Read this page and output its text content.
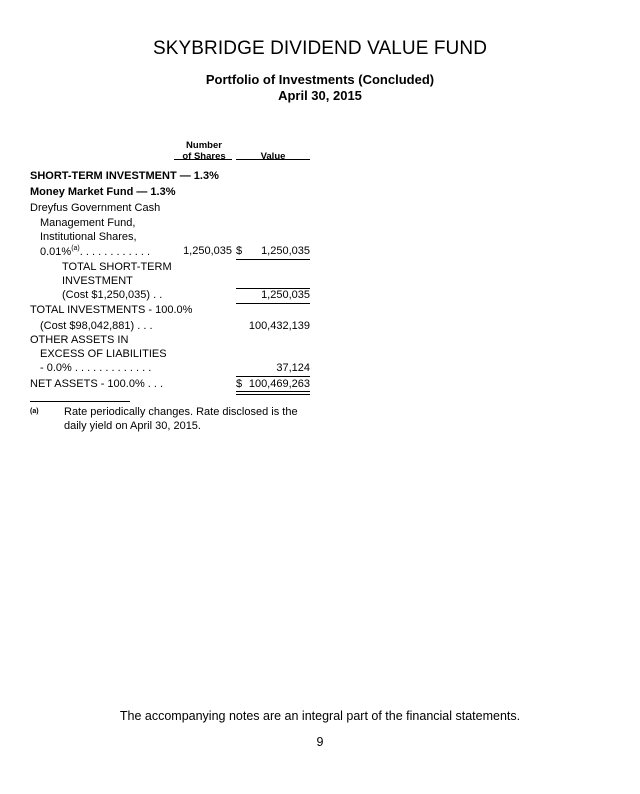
SKYBRIDGE DIVIDEND VALUE FUND
Portfolio of Investments (Concluded)
April 30, 2015
Number
of Shares	Value
SHORT-TERM INVESTMENT — 1.3%
Money Market Fund — 1.3%
Dreyfus Government Cash
Management Fund,
Institutional Shares,
0.01%$^{(a)}$. . . . . . . . . . . .	1,250,035 $	1,250,035
TOTAL SHORT-TERM
INVESTMENT
(Cost $1,250,035) . .	1,250,035
TOTAL INVESTMENTS - 100.0%
(Cost $98,042,881) . . .	100,432,139
OTHER ASSETS IN
EXCESS OF LIABILITIES
- 0.0% . . . . . . . . . . . . .	37,124
NET ASSETS - 100.0% . . .	$ 100,469,263
(a) Rate periodically changes. Rate disclosed is the
daily yield on April 30, 2015.
The accompanying notes are an integral part of the financial statements.
9
